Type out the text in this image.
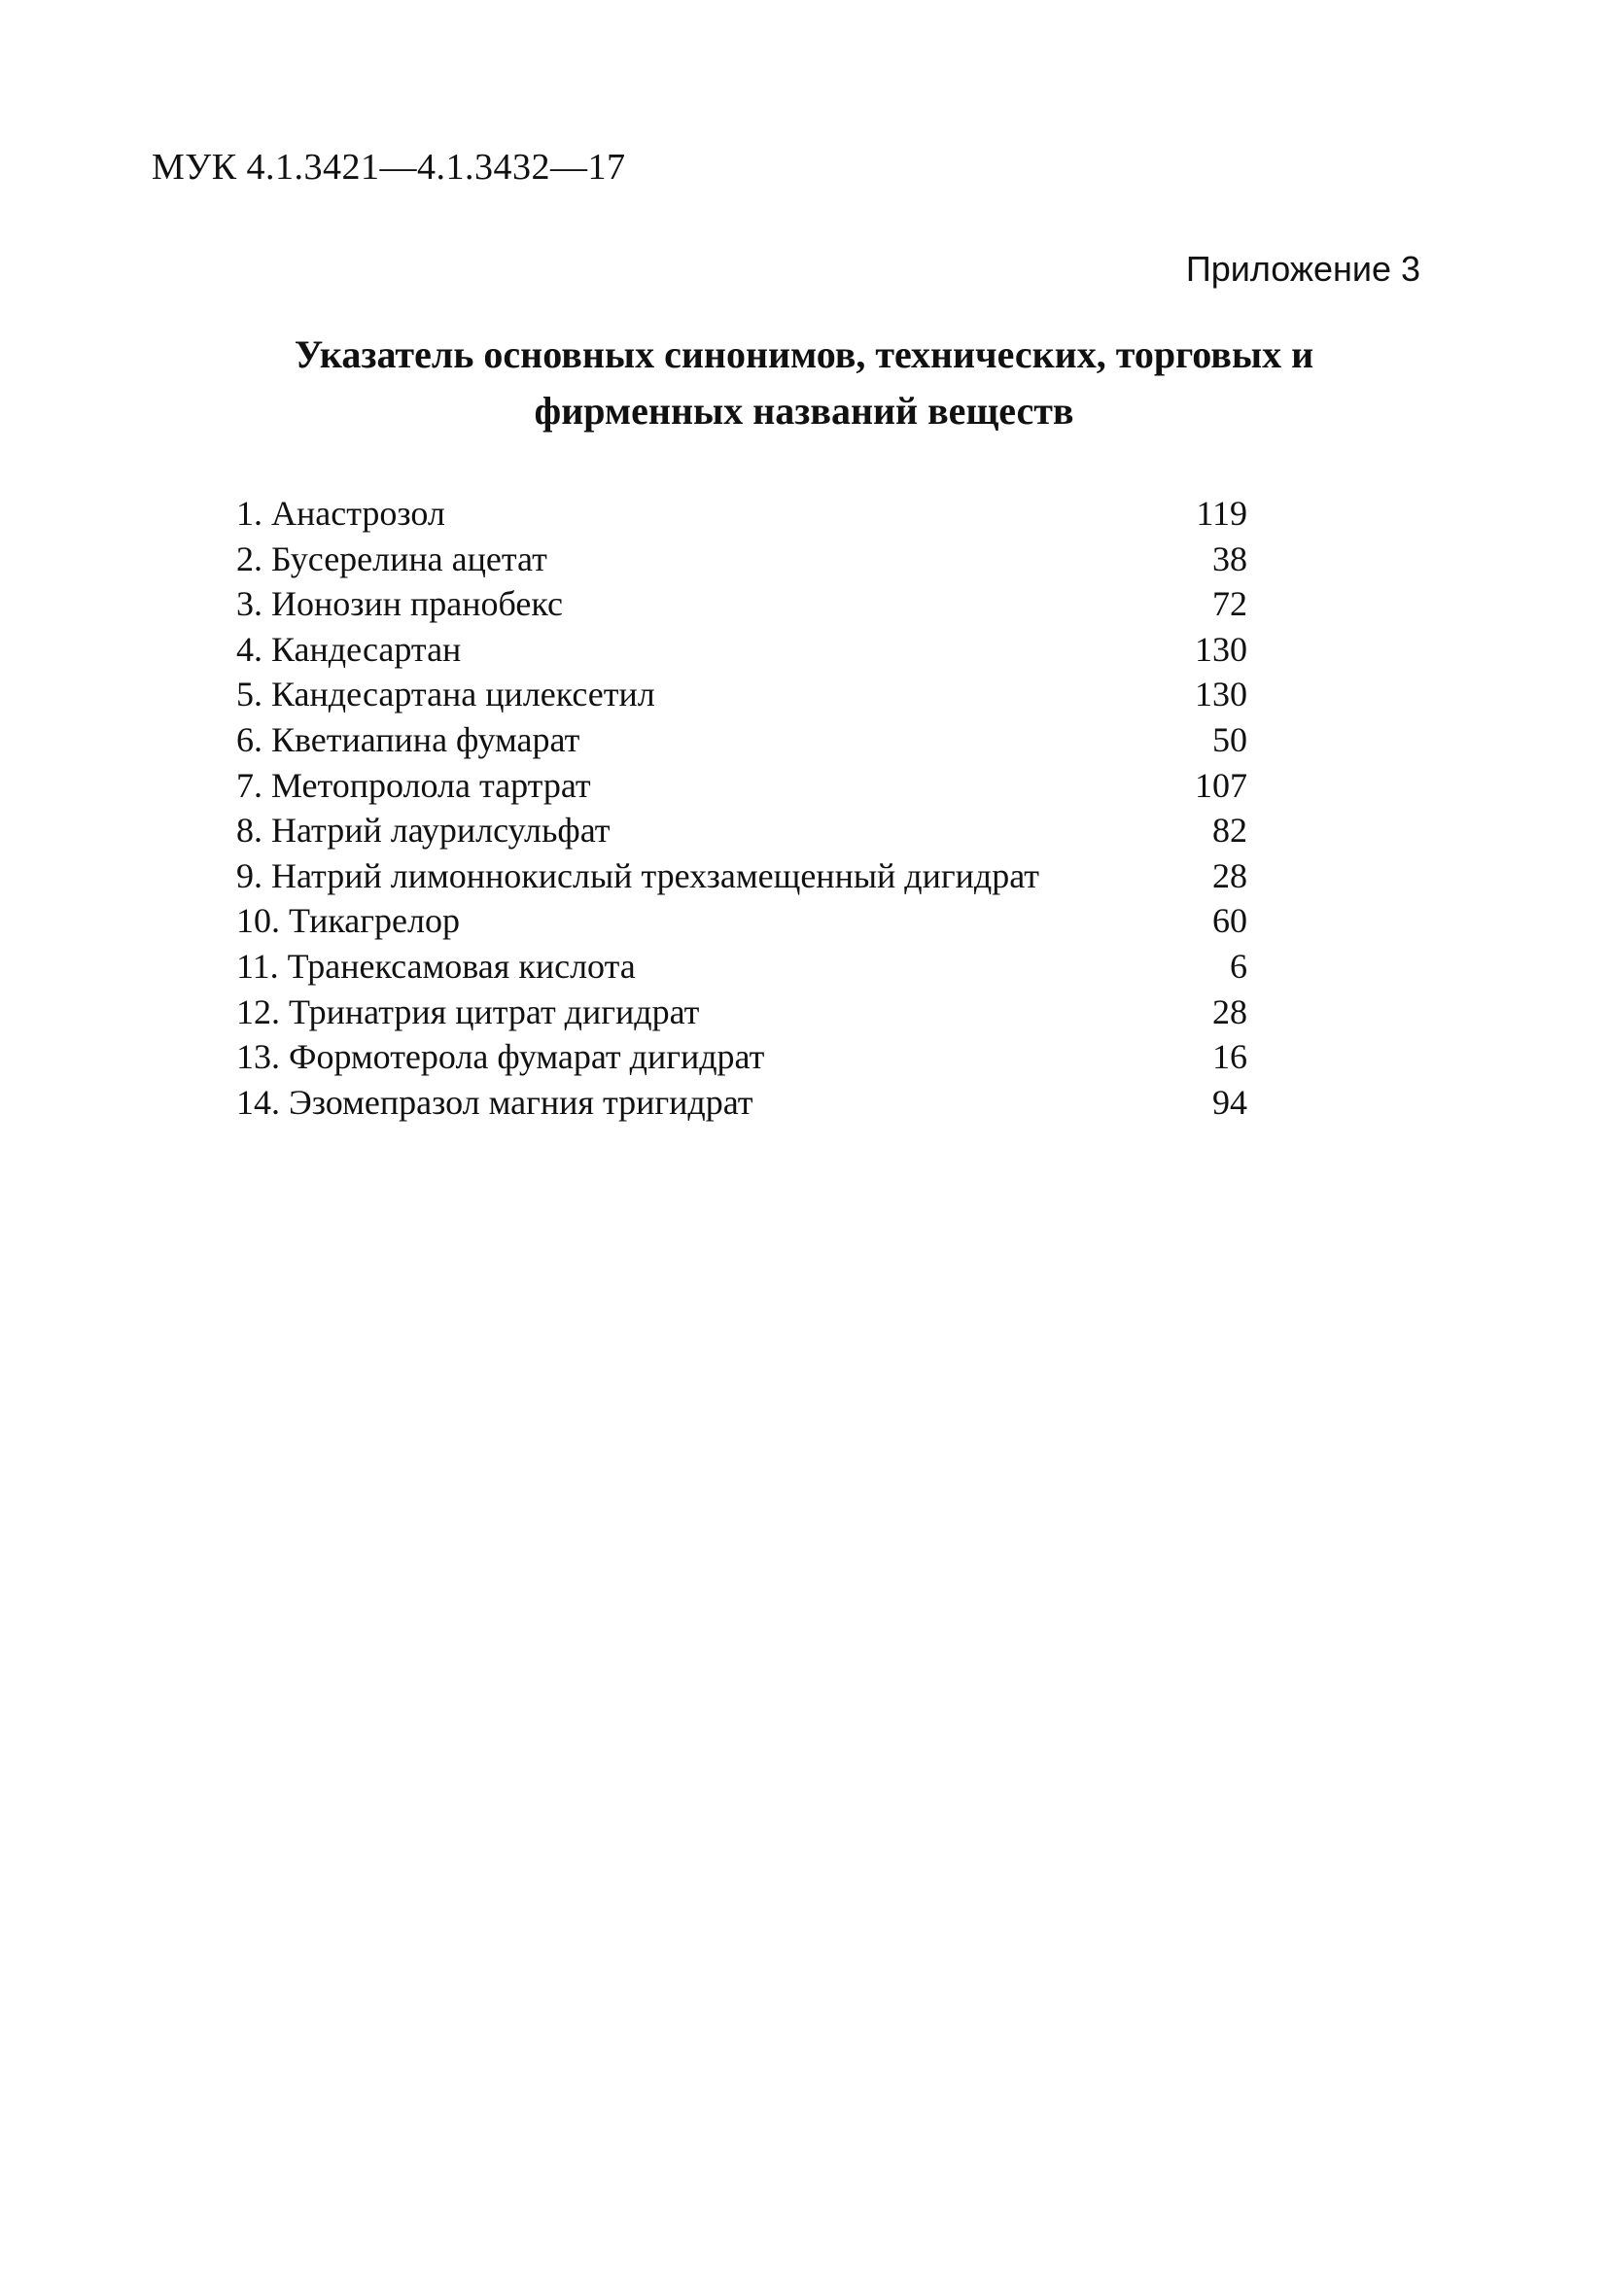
МУК 4.1.3421—4.1.3432—17
Приложение 3
Указатель основных синонимов, технических, торговых и
фирменных названий веществ
1. Анастрозол	119
2. Бусерелина ацетат	38
3. Ионозин пранобекс	72
4. Кандесартан	130
5. Кандесартана цилексетил	130
6. Кветиапина фумарат	50
7. Метопролола тартрат	107
8. Натрий лаурилсульфат	82
9. Натрий лимоннокислый трехзамещенный дигидрат	28
10. Тикагрелор	60
11. Транексамовая кислота	6
12. Тринатрия цитрат дигидрат	28
13. Формотерола фумарат дигидрат	16
14. Эзомепразол магния тригидрат	94
